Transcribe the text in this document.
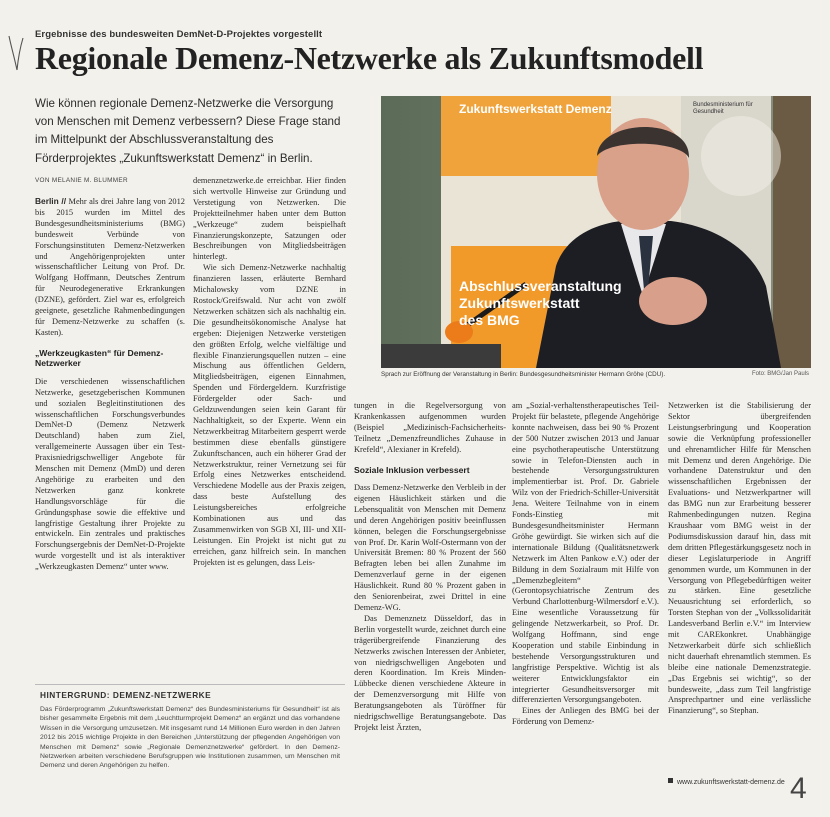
Ergebnisse des bundesweiten DemNet-D-Projektes vorgestellt
Regionale Demenz-Netzwerke als Zukunftsmodell

Wie können regionale Demenz-Netzwerke die Versorgung von Menschen mit Demenz verbessern? Diese Frage stand im Mittelpunkt der Abschlussveranstaltung des Förderprojektes „Zukunftswerkstatt Demenz“ in Berlin.

VON MELANIE M. BLUMMER

Berlin // Mehr als drei Jahre lang von 2012 bis 2015 wurden im Mittel des Bundesgesundheitsministeriums (BMG) bundesweit Verbünde von Forschungsinstituten Demenz-Netzwerken und Angehörigenprojekten unter wissenschaftlicher Leitung von Prof. Dr. Wolfgang Hoffmann, Deutsches Zentrum für Neurodegenerative Erkrankungen (DZNE), gefördert. Ziel war es, erfolgreich geeignete, gesetzliche Rahmenbedingungen für Demenz-Netzwerke zu schaffen (s. Kasten).

„Werkzeugkasten“ für Demenz-Netzwerker

Die verschiedenen wissenschaftlichen Netzwerke, gesetzgeberischen Kommunen und sozialen Begleitinstitutionen des wissenschaftlichen Forschungsverbundes DemNet-D (Demenz Netzwerk Deutschland) haben zum Ziel, verallgemeinerte Aussagen über ein Test-Praxisniedrigschwelliger Angebote für Menschen mit Demenz (MmD) und deren Angehörige zu erarbeiten und den Netzwerken ganz konkrete Handlungsvorschläge für die Gründungsphase sowie die effektive und langfristige Gestaltung ihrer Projekte zu entwickeln. Ein zentrales und praktisches Forschungsergebnis der DemNet-D-Projekte wurde vorgestellt und ist als interaktiver „Werkzeugkasten Demenz“ unter www.

demenznetzwerke.de erreichbar. Hier finden sich wertvolle Hinweise zur Gründung und Verstetigung von Netzwerken. Die Projektteilnehmer haben unter dem Button „Werkzeuge“ zudem beispielhaft Finanzierungskonzepte, Satzungen oder Beschreibungen von Mitgliedsbeiträgen hinterlegt.

Wie sich Demenz-Netzwerke nachhaltig finanzieren lassen, erläuterte Bernhard Michalowsky vom DZNE in Rostock/Greifswald. Nur acht von zwölf Netzwerken schätzen sich als nachhaltig ein. Die gesundheitsökonomische Analyse hat ergeben: Diejenigen Netzwerke verstetigen den größten Erfolg, welche vielfältige und flexible Finanzierungsquellen nutzen – eine Mischung aus öffentlichen Geldern, Mitgliedsbeiträgen, eigenen Einnahmen, Spenden und Fördergeldern. Kurzfristige Fördergelder oder Sach- und Geldzuwendungen seien kein Garant für Nachhaltigkeit, so der Experte. Wenn ein Netzwerkbeitrag Mitarbeitern gesperrt werde bestimmen diese ebenfalls günstigere Zukunftschancen, auch ein höherer Grad der Netzwerkstruktur, reiner Vernetzung sei für Erfolg eines Netzwerkes entscheidend. Verschiedene Modelle aus der Praxis zeigen, dass beste Aufstellung des Leistungsbereiches erfolgreiche Kombinationen aus und das Zusammenwirken von SGB XI, III- und XII-Leistungen. Ein Projekt ist nicht gut zu erreichen, ganz hilfreich sein. In manchen Projekten ist es gelungen, dass Leis-

Zukunftswerkstatt Demenz
Abschlussveranstaltung
Zukunftswerkstatt
des BMG
Bundesministerium für Gesundheit
Sprach zur Eröffnung der Veranstaltung in Berlin: Bundesgesundheitsminister Hermann Gröhe (CDU).	Foto: BMG/Jan Pauls

tungen in die Regelversorgung von Krankenkassen aufgenommen wurden (Beispiel „Medizinisch-Fachsicherheits-Teilnetz „Demenzfreundliches Zuhause in Krefeld“, Alexianer in Krefeld).

Soziale Inklusion verbessert

Dass Demenz-Netzwerke den Verbleib in der eigenen Häuslichkeit stärken und die Lebensqualität von Menschen mit Demenz und deren Angehörigen positiv beeinflussen können, belegen die Forschungsergebnisse von Prof. Dr. Karin Wolf-Ostermann von der Universität Bremen: 80 % Prozent der 560 Befragten leben bei allen Zunahme im Demenzverlauf gerne in der eigenen Häuslichkeit. Rund 80 % Prozent gaben in den Seniorenbeirat, zwei Drittel in eine Demenz-WG.

Das Demenznetz Düsseldorf, das in Berlin vorgestellt wurde, zeichnet durch eine trägerübergreifende Finanzierung des Netzwerks zwischen Interessen der Anbieter, von niedrigschwelligen Angeboten und deren Koordination. Im Kreis Minden-Lübbecke dienen verschiedene Akteure in der Demenzversorgung mit Hilfe von Beratungsangeboten als Türöffner für niedrigschwellige Beratungsangebote. Das Projekt leist Ärzten,

am „Sozial-verhaltenstherapeutisches Teil-Projekt für belastete, pflegende Angehörige konnte nachweisen, dass bei 90 % Prozent der 500 Nutzer zwischen 2013 und Januar eine psychotherapeutische Unterstützung sowie in Telefon-Diensten auch in bestehende Versorgungsstrukturen implementierbar ist. Prof. Dr. Gabriele Wilz von der Friedrich-Schiller-Universität Jena. Weitere Teilnahme von in einem Fonds-Einstieg mit Bundesgesundheitsminister Hermann Gröhe gewürdigt. Sie wirken sich auf die internationale Bildung (Qualitätsnetzwerk Netzwerk im Alten Pankow e.V.) oder der Bildung in dem Sozialraum mit Hilfe von „Demenzbegleitern“ (Gerontopsychiatrische Zentrum des Verbund Charlottenburg-Wilmersdorf e.V.). Eine wesentliche Voraussetzung für gelingende Netzwerkarbeit, so Prof. Dr. Wolfgang Hoffmann, sind enge Kooperation und stabile Einbindung in bestehende Versorgungsstrukturen und langfristige Perspektive. Wichtig ist als weiterer Entwicklungsfaktor ein integrierter Gesundheitsversorger mit differenzierten Versorgungsangeboten.

Eines der Anliegen des BMG bei der Förderung von Demenz-

Netzwerken ist die Stabilisierung der Sektor übergreifenden Leistungserbringung und Kooperation sowie die Verknüpfung professioneller und ehrenamtlicher Hilfe für Menschen mit Demenz und deren Angehörige. Die vorhandene Datenstruktur und den wissenschaftlichen Ergebnissen der Evaluations- und Netzwerkpartner will das BMG nun zur Erarbeitung besserer Rahmenbedingungen nutzen. Regina Kraushaar vom BMG weist in der Podiumsdiskussion darauf hin, dass mit dem dritten Pflegestärkungsgesetz noch in dieser Legislaturperiode in Angriff genommen wurde, um Kommunen in der Versorgung von Pflegebedürftigen weiter zu stärken. Eine gesetzliche Neuausrichtung sei erforderlich, so Torsten Stephan von der „Volkssolidarität Landesverband Berlin e.V.“ im Interview mit CAREkonkret. Unabhängige Netzwerkarbeit dürfe sich schließlich nicht dauerhaft ehrenamtlich stemmen. Es bleibe eine nationale Demenzstrategie. „Das Ergebnis sei wichtig“, so der bundesweite, „dass zum Teil langfristige Ansprechpartner und eine verlässliche Finanzierung“, so Stephan.

HINTERGRUND: DEMENZ-NETZWERKE

Das Förderprogramm „Zukunftswerkstatt Demenz“ des Bundesministeriums für Gesundheit“ ist als bisher gesammelte Ergebnis mit dem „Leuchtturmprojekt Demenz“ an ergänzt und das vorhandene Wissen in die Versorgung umzusetzen. Mit insgesamt rund 14 Millionen Euro werden in den Jahren 2012 bis 2015 wichtige Projekte in den Bereichen „Unterstützung der pflegenden Angehörigen von Menschen mit Demenz“ sowie „Regionale Demenznetzwerke“ gefördert. In den Demenz-Netzwerken arbeiten verschiedene Berufsgruppen wie Institutionen zusammen, um Menschen mit Demenz und deren Angehörigen zu helfen.

www.zukunftswerkstatt-demenz.de 4
